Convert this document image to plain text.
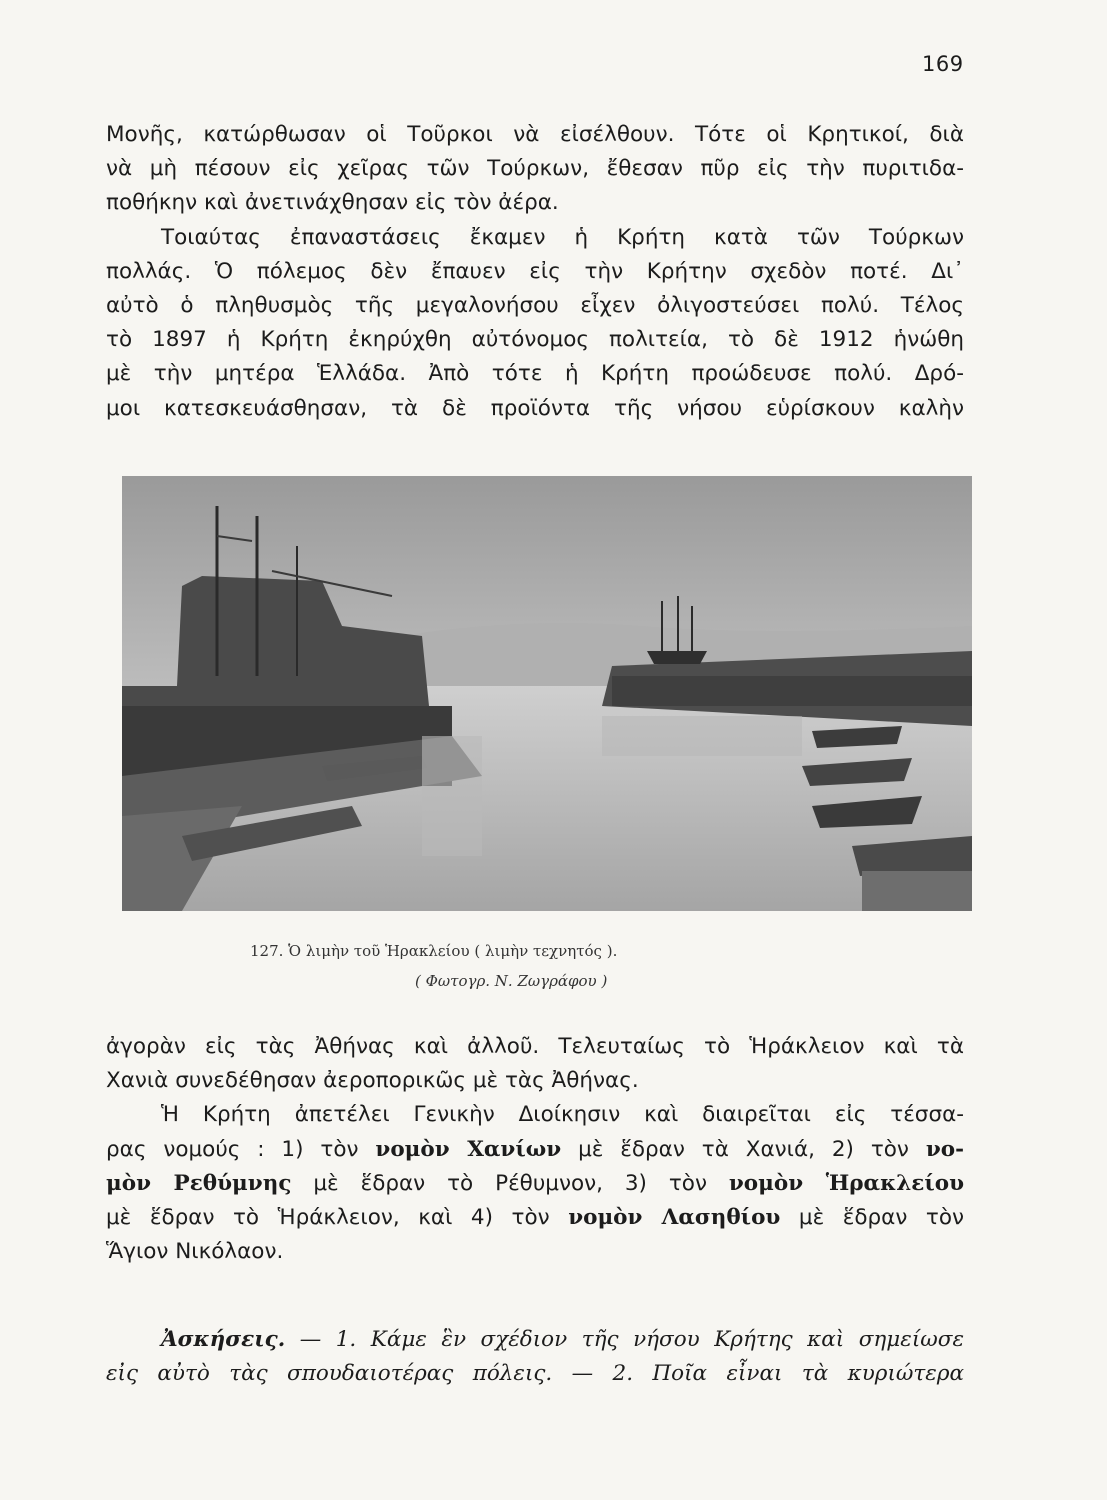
169
Μονῆς, κατώρθωσαν οἱ Τοῦρκοι νὰ εἰσέλθουν. Τότε οἱ Κρητικοί, διὰ
νὰ μὴ πέσουν εἰς χεῖρας τῶν Τούρκων, ἔθεσαν πῦρ εἰς τὴν πυριτιδα-
ποθήκην καὶ ἀνετινάχθησαν εἰς τὸν ἀέρα.
Τοιαύτας ἐπαναστάσεις ἔκαμεν ἡ Κρήτη κατὰ τῶν Τούρκων
πολλάς. Ὁ πόλεμος δὲν ἔπαυεν εἰς τὴν Κρήτην σχεδὸν ποτέ. Δι᾿
αὐτὸ ὁ πληθυσμὸς τῆς μεγαλονήσου εἶχεν ὀλιγοστεύσει πολύ. Τέλος
τὸ 1897 ἡ Κρήτη ἐκηρύχθη αὐτόνομος πολιτεία, τὸ δὲ 1912 ἡνώθη
μὲ τὴν μητέρα Ἑλλάδα. Ἀπὸ τότε ἡ Κρήτη προώδευσε πολύ. Δρό-
μοι κατεσκευάσθησαν, τὰ δὲ προϊόντα τῆς νήσου εὑρίσκουν καλὴν
127. Ὁ λιμὴν τοῦ Ἡρακλείου ( λιμὴν τεχνητός ).
( Φωτογρ. Ν. Ζωγράφου )
ἀγορὰν εἰς τὰς Ἀθήνας καὶ ἀλλοῦ. Τελευταίως τὸ Ἡράκλειον καὶ τὰ
Χανιὰ συνεδέθησαν ἀεροπορικῶς μὲ τὰς Ἀθήνας.
Ἡ Κρήτη ἀπετέλει Γενικὴν Διοίκησιν καὶ διαιρεῖται εἰς τέσσα-
ρας νομούς : 1) τὸν νομὸν Χανίων μὲ ἕδραν τὰ Χανιά, 2) τὸν νο-
μὸν Ρεθύμνης μὲ ἕδραν τὸ Ρέθυμνον, 3) τὸν νομὸν Ἡρακλείου
μὲ ἕδραν τὸ Ἡράκλειον, καὶ 4) τὸν νομὸν Λασηθίου μὲ ἕδραν τὸν
Ἅγιον Νικόλαον.
Ἀσκήσεις. — 1. Κάμε ἓν σχέδιον τῆς νήσου Κρήτης καὶ σημείωσε
εἰς αὐτὸ τὰς σπουδαιοτέρας πόλεις. — 2. Ποῖα εἶναι τὰ κυριώτερα
